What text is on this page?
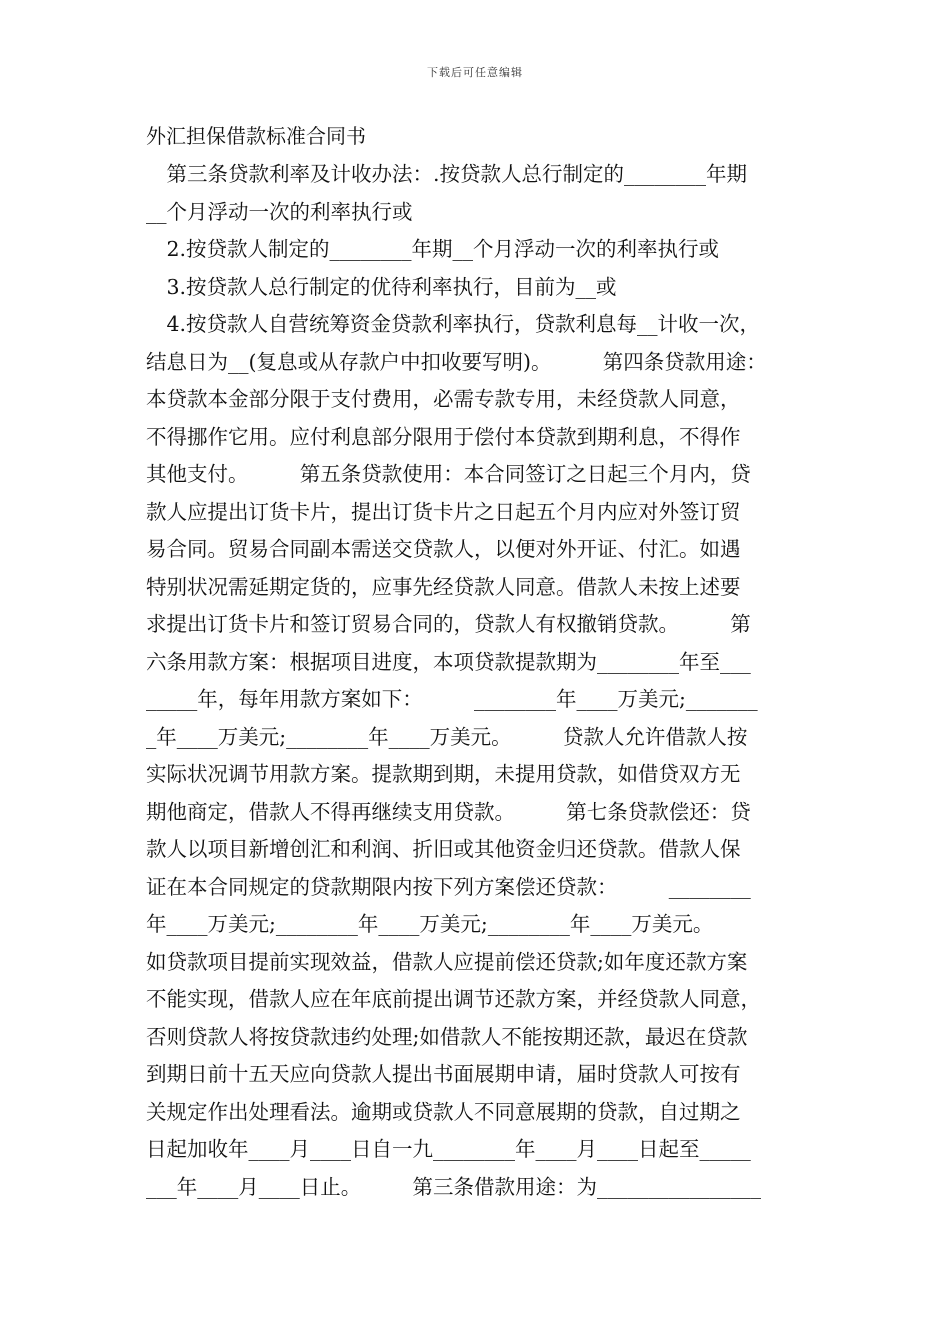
下载后可任意编辑
外汇担保借款标准合同书
　第三条贷款利率及计收办法：.按贷款人总行制定的________年期
__个月浮动一次的利率执行或
　2.按贷款人制定的________年期__个月浮动一次的利率执行或
　3.按贷款人总行制定的优待利率执行，目前为__或
　4.按贷款人自营统筹资金贷款利率执行，贷款利息每__计收一次，
结息日为__(复息或从存款户中扣收要写明)。　　　第四条贷款用途：
本贷款本金部分限于支付费用，必需专款专用，未经贷款人同意，
不得挪作它用。应付利息部分限用于偿付本贷款到期利息，不得作
其他支付。　　　第五条贷款使用：本合同签订之日起三个月内，贷
款人应提出订货卡片，提出订货卡片之日起五个月内应对外签订贸
易合同。贸易合同副本需送交贷款人，以便对外开证、付汇。如遇
特别状况需延期定货的，应事先经贷款人同意。借款人未按上述要
求提出订货卡片和签订贸易合同的，贷款人有权撤销贷款。　　　第
六条用款方案：根据项目进度，本项贷款提款期为________年至___
_____年，每年用款方案如下：　　　________年____万美元;_______
_年____万美元;________年____万美元。　　　贷款人允许借款人按
实际状况调节用款方案。提款期到期，未提用贷款，如借贷双方无
期他商定，借款人不得再继续支用贷款。　　　第七条贷款偿还：贷
款人以项目新增创汇和利润、折旧或其他资金归还贷款。借款人保
证在本合同规定的贷款期限内按下列方案偿还贷款：　　　________
年____万美元;________年____万美元;________年____万美元。
如贷款项目提前实现效益，借款人应提前偿还贷款;如年度还款方案
不能实现，借款人应在年底前提出调节还款方案，并经贷款人同意，
否则贷款人将按贷款违约处理;如借款人不能按期还款，最迟在贷款
到期日前十五天应向贷款人提出书面展期申请，届时贷款人可按有
关规定作出处理看法。逾期或贷款人不同意展期的贷款，自过期之
日起加收年____月____日自一九________年____月____日起至_____
___年____月____日止。　　　第三条借款用途：为________________
